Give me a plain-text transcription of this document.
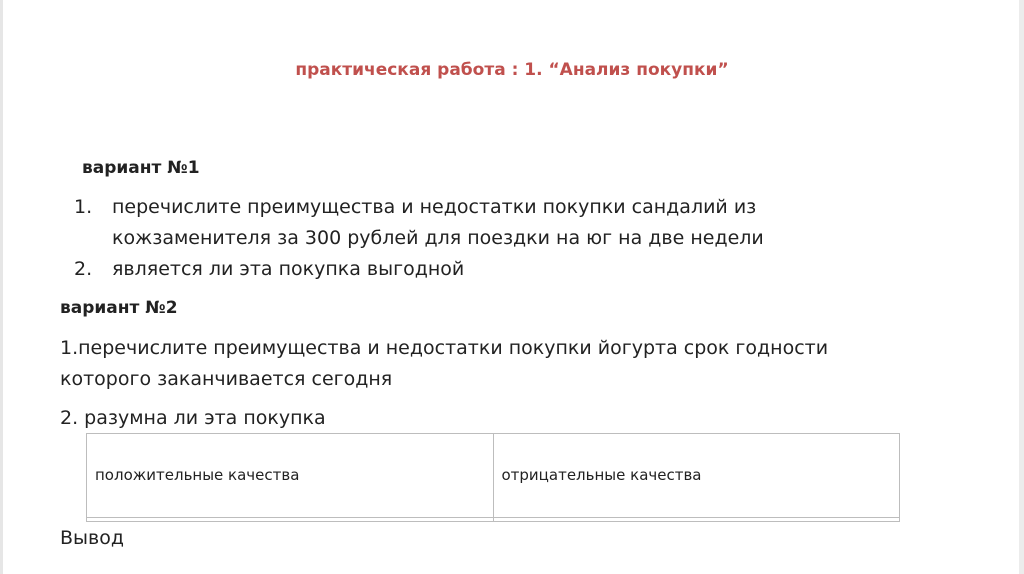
практическая работа : 1. “Анализ покупки”
вариант №1
1. перечислите преимущества и недостатки покупки сандалий из
кожзаменителя за 300 рублей для поездки на юг на две недели
2. является ли эта покупка выгодной
вариант №2
1.перечислите преимущества и недостатки покупки йогурта срок годности
которого заканчивается сегодня
2. разумна ли эта покупка
положительные качества	отрицательные качества

Вывод
